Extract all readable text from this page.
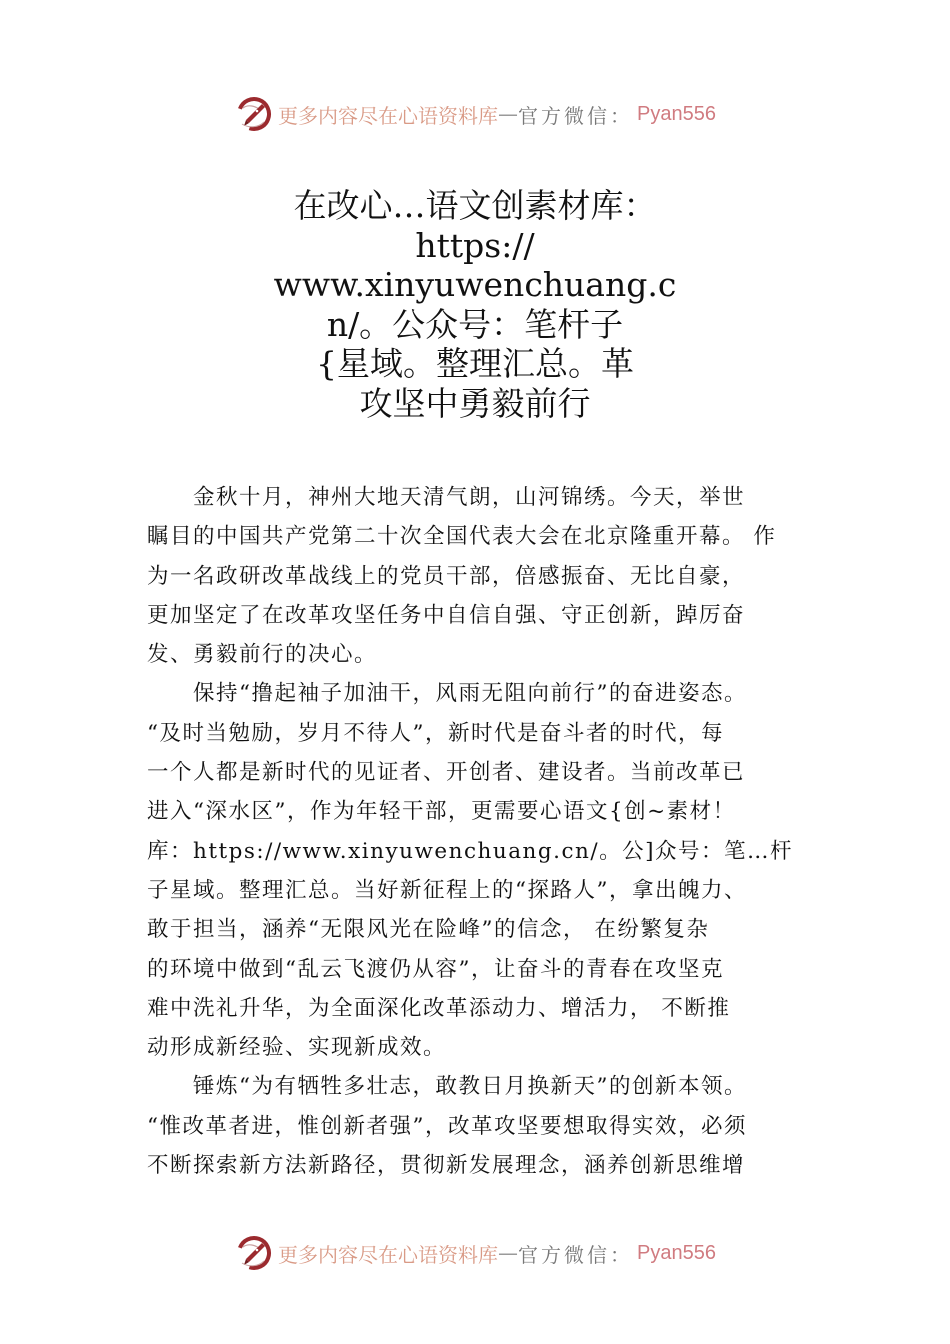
更多内容尽在心语资料库 — 官方微信： Pyan556
在改心…语文创素材库：
https://
www.xinyuwenchuang.c
n/。公众号：笔杆子
{星域。整理汇总。革
攻坚中勇毅前行
金秋十月，神州大地天清气朗，山河锦绣。今天，举世
瞩目的中国共产党第二十次全国代表大会在北京隆重开幕。 作
为一名政研改革战线上的党员干部，倍感振奋、无比自豪，
更加坚定了在改革攻坚任务中自信自强、守正创新，踔厉奋
发、勇毅前行的决心。
保持“撸起袖子加油干，风雨无阻向前行”的奋进姿态。
“及时当勉励，岁月不待人”，新时代是奋斗者的时代，每
一个人都是新时代的见证者、开创者、建设者。当前改革已
进入“深水区”，作为年轻干部，更需要心语文{创~素材！
库：https://www.xinyuwenchuang.cn/。公]众号：笔…杆
子星域。整理汇总。当好新征程上的“探路人”，拿出魄力、
敢于担当，涵养“无限风光在险峰”的信念， 在纷繁复杂
的环境中做到“乱云飞渡仍从容”，让奋斗的青春在攻坚克
难中洗礼升华，为全面深化改革添动力、增活力， 不断推
动形成新经验、实现新成效。
锤炼“为有牺牲多壮志，敢教日月换新天”的创新本领。
“惟改革者进，惟创新者强”，改革攻坚要想取得实效，必须
不断探索新方法新路径，贯彻新发展理念，涵养创新思维增
更多内容尽在心语资料库 — 官方微信： Pyan556
